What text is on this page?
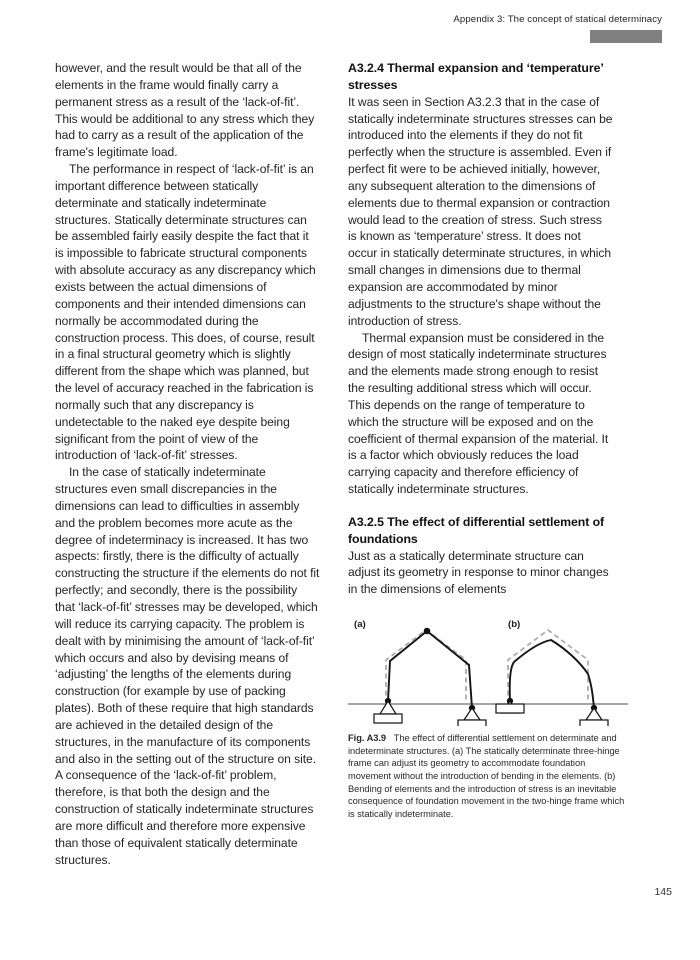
Appendix 3: The concept of statical determinacy

however, and the result would be that all of the elements in the frame would finally carry a permanent stress as a result of the ‘lack-of-fit’. This would be additional to any stress which they had to carry as a result of the application of the frame's legitimate load.

The performance in respect of ‘lack-of-fit’ is an important difference between statically determinate and statically indeterminate structures. Statically determinate structures can be assembled fairly easily despite the fact that it is impossible to fabricate structural components with absolute accuracy as any discrepancy which exists between the actual dimensions of components and their intended dimensions can normally be accommodated during the construction process. This does, of course, result in a final structural geometry which is slightly different from the shape which was planned, but the level of accuracy reached in the fabrication is normally such that any discrepancy is undetectable to the naked eye despite being significant from the point of view of the introduction of ‘lack-of-fit’ stresses.

In the case of statically indeterminate structures even small discrepancies in the dimensions can lead to difficulties in assembly and the problem becomes more acute as the degree of indeterminacy is increased. It has two aspects: firstly, there is the difficulty of actually constructing the structure if the elements do not fit perfectly; and secondly, there is the possibility that ‘lack-of-fit’ stresses may be developed, which will reduce its carrying capacity. The problem is dealt with by minimising the amount of ‘lack-of-fit’ which occurs and also by devising means of ‘adjusting’ the lengths of the elements during construction (for example by use of packing plates). Both of these require that high standards are achieved in the detailed design of the structures, in the manufacture of its components and also in the setting out of the structure on site. A consequence of the ‘lack-of-fit’ problem, therefore, is that both the design and the construction of statically indeterminate structures are more difficult and therefore more expensive than those of equivalent statically determinate structures.

A3.2.4 Thermal expansion and ‘temperature’ stresses

It was seen in Section A3.2.3 that in the case of statically indeterminate structures stresses can be introduced into the elements if they do not fit perfectly when the structure is assembled. Even if perfect fit were to be achieved initially, however, any subsequent alteration to the dimensions of elements due to thermal expansion or contraction would lead to the creation of stress. Such stress is known as ‘temperature’ stress. It does not occur in statically determinate structures, in which small changes in dimensions due to thermal expansion are accommodated by minor adjustments to the structure's shape without the introduction of stress.

Thermal expansion must be considered in the design of most statically indeterminate structures and the elements made strong enough to resist the resulting additional stress which will occur. This depends on the range of temperature to which the structure will be exposed and on the coefficient of thermal expansion of the material. It is a factor which obviously reduces the load carrying capacity and therefore efficiency of statically indeterminate structures.

A3.2.5 The effect of differential settlement of foundations

Just as a statically determinate structure can adjust its geometry in response to minor changes in the dimensions of elements

(a)	(b)
Fig. A3.9 The effect of differential settlement on determinate and indeterminate structures. (a) The statically determinate three-hinge frame can adjust its geometry to accommodate foundation movement without the introduction of bending in the elements. (b) Bending of elements and the introduction of stress is an inevitable consequence of foundation movement in the two-hinge frame which is statically indeterminate.
145
